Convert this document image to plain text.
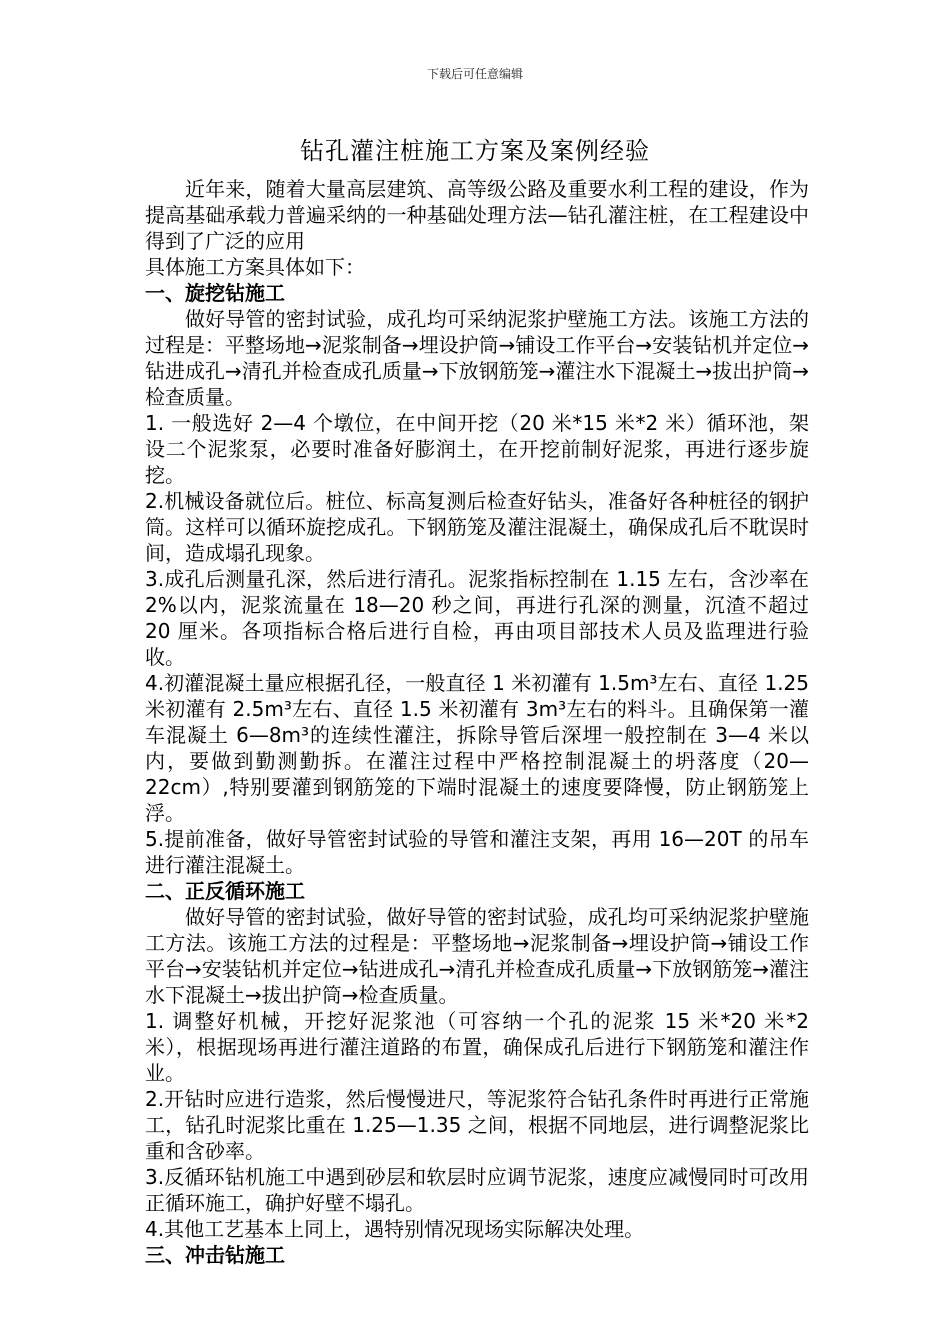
下载后可任意编辑
钻孔灌注桩施工方案及案例经验

近年来，随着大量高层建筑、高等级公路及重要水利工程的建设，作为提高基础承载力普遍采纳的一种基础处理方法—钻孔灌注桩，在工程建设中得到了广泛的应用

具体施工方案具体如下：

一、旋挖钻施工

做好导管的密封试验，成孔均可采纳泥浆护壁施工方法。该施工方法的过程是：平整场地→泥浆制备→埋设护筒→铺设工作平台→安装钻机并定位→钻进成孔→清孔并检查成孔质量→下放钢筋笼→灌注水下混凝土→拔出护筒→检查质量。

1. 一般选好 2—4 个墩位，在中间开挖（20 米*15 米*2 米）循环池，架设二个泥浆泵，必要时准备好膨润土，在开挖前制好泥浆，再进行逐步旋挖。

2.机械设备就位后。桩位、标高复测后检查好钻头，准备好各种桩径的钢护筒。这样可以循环旋挖成孔。下钢筋笼及灌注混凝土，确保成孔后不耽误时间，造成塌孔现象。

3.成孔后测量孔深，然后进行清孔。泥浆指标控制在 1.15 左右，含沙率在 2%以内，泥浆流量在 18—20 秒之间，再进行孔深的测量，沉渣不超过 20 厘米。各项指标合格后进行自检，再由项目部技术人员及监理进行验收。

4.初灌混凝土量应根据孔径，一般直径 1 米初灌有 1.5m³左右、直径 1.25 米初灌有 2.5m³左右、直径 1.5 米初灌有 3m³左右的料斗。且确保第一灌车混凝土 6—8m³的连续性灌注，拆除导管后深埋一般控制在 3—4 米以内，要做到勤测勤拆。在灌注过程中严格控制混凝土的坍落度（20—22cm）,特别要灌到钢筋笼的下端时混凝土的速度要降慢，防止钢筋笼上浮。

5.提前准备，做好导管密封试验的导管和灌注支架，再用 16—20T 的吊车进行灌注混凝土。

二、正反循环施工

做好导管的密封试验，做好导管的密封试验，成孔均可采纳泥浆护壁施工方法。该施工方法的过程是：平整场地→泥浆制备→埋设护筒→铺设工作平台→安装钻机并定位→钻进成孔→清孔并检查成孔质量→下放钢筋笼→灌注水下混凝土→拔出护筒→检查质量。

1. 调整好机械，开挖好泥浆池（可容纳一个孔的泥浆 15 米*20 米*2 米），根据现场再进行灌注道路的布置，确保成孔后进行下钢筋笼和灌注作业。

2.开钻时应进行造浆，然后慢慢进尺，等泥浆符合钻孔条件时再进行正常施工，钻孔时泥浆比重在 1.25—1.35 之间，根据不同地层，进行调整泥浆比重和含砂率。

3.反循环钻机施工中遇到砂层和软层时应调节泥浆，速度应减慢同时可改用正循环施工，确护好壁不塌孔。

4.其他工艺基本上同上，遇特别情况现场实际解决处理。

三、冲击钻施工
